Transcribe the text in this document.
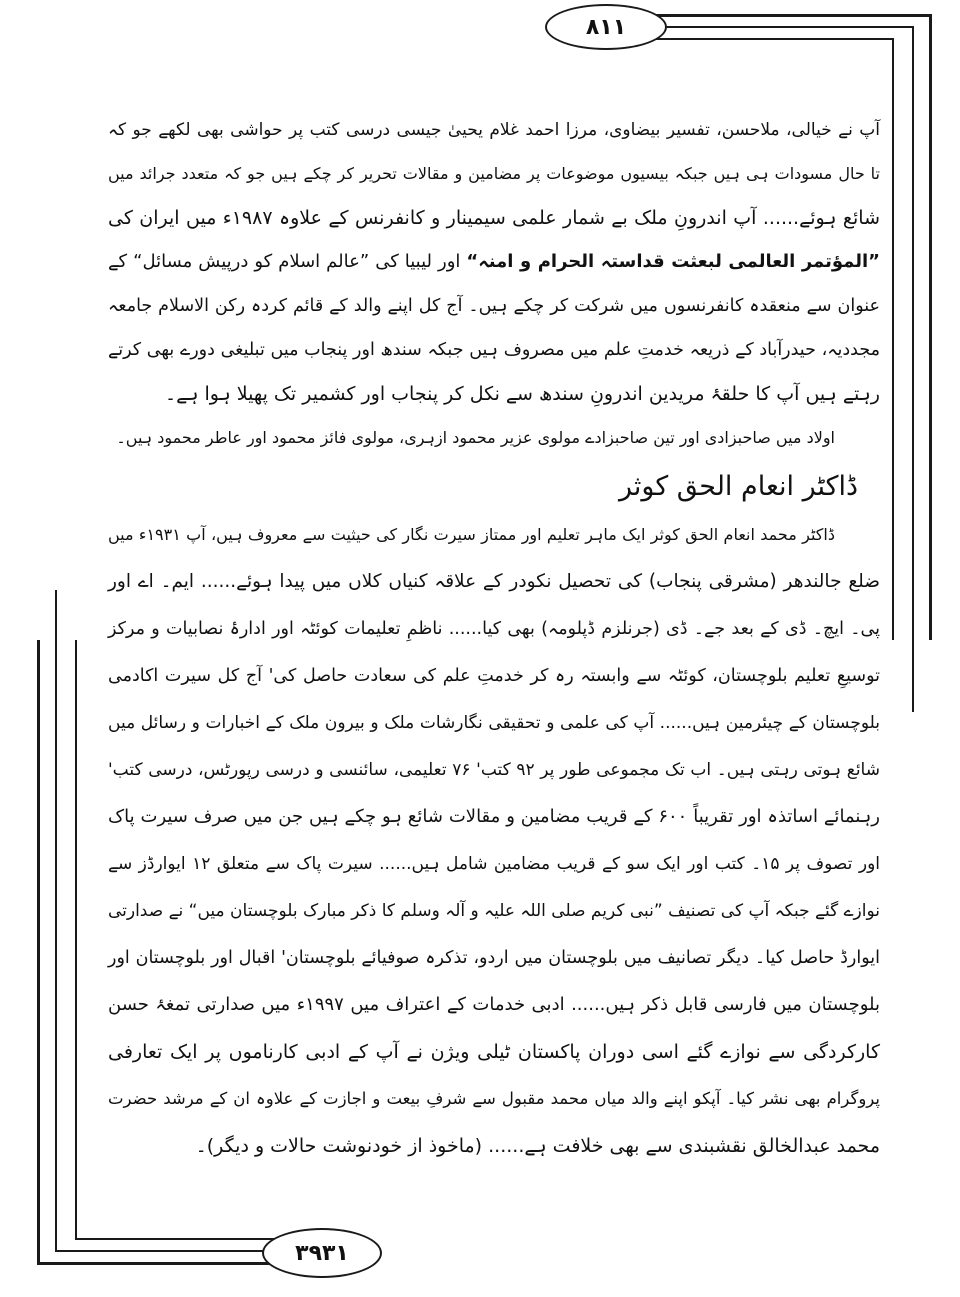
۸۱۱
۳۹۳۱
آپ نے خیالی، ملاحسن، تفسیر بیضاوی، مرزا احمد غلام یحییٰ جیسی درسی کتب پر حواشی بھی لکھے جو کہ
تا حال مسودات ہی ہیں جبکہ بیسیوں موضوعات پر مضامین و مقالات تحریر کر چکے ہیں جو کہ متعدد جرائد میں
شائع ہوئے...... آپ اندرونِ ملک بے شمار علمی سیمینار و کانفرنس کے علاوہ ۱۹۸۷ء میں ایران کی
”المؤتمر العالمی لبعثت قداستہ الحرام و امنہ“ اور لیبیا کی ”عالم اسلام کو درپیش مسائل“ کے
عنوان سے منعقدہ کانفرنسوں میں شرکت کر چکے ہیں۔ آج کل اپنے والد کے قائم کردہ رکن الاسلام جامعہ
مجددیہ، حیدرآباد کے ذریعہ خدمتِ علم میں مصروف ہیں جبکہ سندھ اور پنجاب میں تبلیغی دورے بھی کرتے
رہتے ہیں آپ کا حلقۂ مریدین اندرونِ سندھ سے نکل کر پنجاب اور کشمیر تک پھیلا ہوا ہے۔
اولاد میں صاحبزادی اور تین صاحبزادے مولوی عزیر محمود ازہری، مولوی فائز محمود اور عاطر محمود ہیں۔
ڈاکٹر انعام الحق کوثر
ڈاکٹر محمد انعام الحق کوثر ایک ماہر تعلیم اور ممتاز سیرت نگار کی حیثیت سے معروف ہیں، آپ ۱۹۳۱ء میں
ضلع جالندھر (مشرقی پنجاب) کی تحصیل نکودر کے علاقہ کنیاں کلاں میں پیدا ہوئے...... ایم۔ اے اور
پی۔ ایچ۔ ڈی کے بعد جے۔ ڈی (جرنلزم ڈپلومہ) بھی کیا...... ناظمِ تعلیمات کوئٹہ اور ادارۂ نصابیات و مرکز
توسیعِ تعلیم بلوچستان، کوئٹہ سے وابستہ رہ کر خدمتِ علم کی سعادت حاصل کی' آج کل سیرت اکادمی
بلوچستان کے چیئرمین ہیں...... آپ کی علمی و تحقیقی نگارشات ملک و بیرون ملک کے اخبارات و رسائل میں
شائع ہوتی رہتی ہیں۔ اب تک مجموعی طور پر ۹۲ کتب' ۷۶ تعلیمی، سائنسی و درسی رپورٹس، درسی کتب'
رہنمائے اساتذہ اور تقریباً ۶۰۰ کے قریب مضامین و مقالات شائع ہو چکے ہیں جن میں صرف سیرت پاک
اور تصوف پر ۱۵۔ کتب اور ایک سو کے قریب مضامین شامل ہیں...... سیرت پاک سے متعلق ۱۲ ایوارڈز سے
نوازے گئے جبکہ آپ کی تصنیف ”نبی کریم صلی اللہ علیہ و آلہ وسلم کا ذکر مبارک بلوچستان میں“ نے صدارتی
ایوارڈ حاصل کیا۔ دیگر تصانیف میں بلوچستان میں اردو، تذکرہ صوفیائے بلوچستان' اقبال اور بلوچستان اور
بلوچستان میں فارسی قابل ذکر ہیں...... ادبی خدمات کے اعتراف میں ۱۹۹۷ء میں صدارتی تمغۂ حسن
کارکردگی سے نوازے گئے اسی دوران پاکستان ٹیلی ویژن نے آپ کے ادبی کارناموں پر ایک تعارفی
پروگرام بھی نشر کیا۔ آپکو اپنے والد میاں محمد مقبول سے شرفِ بیعت و اجازت کے علاوہ ان کے مرشد حضرت
محمد عبدالخالق نقشبندی سے بھی خلافت ہے...... (ماخوذ از خودنوشت حالات و دیگر)۔
